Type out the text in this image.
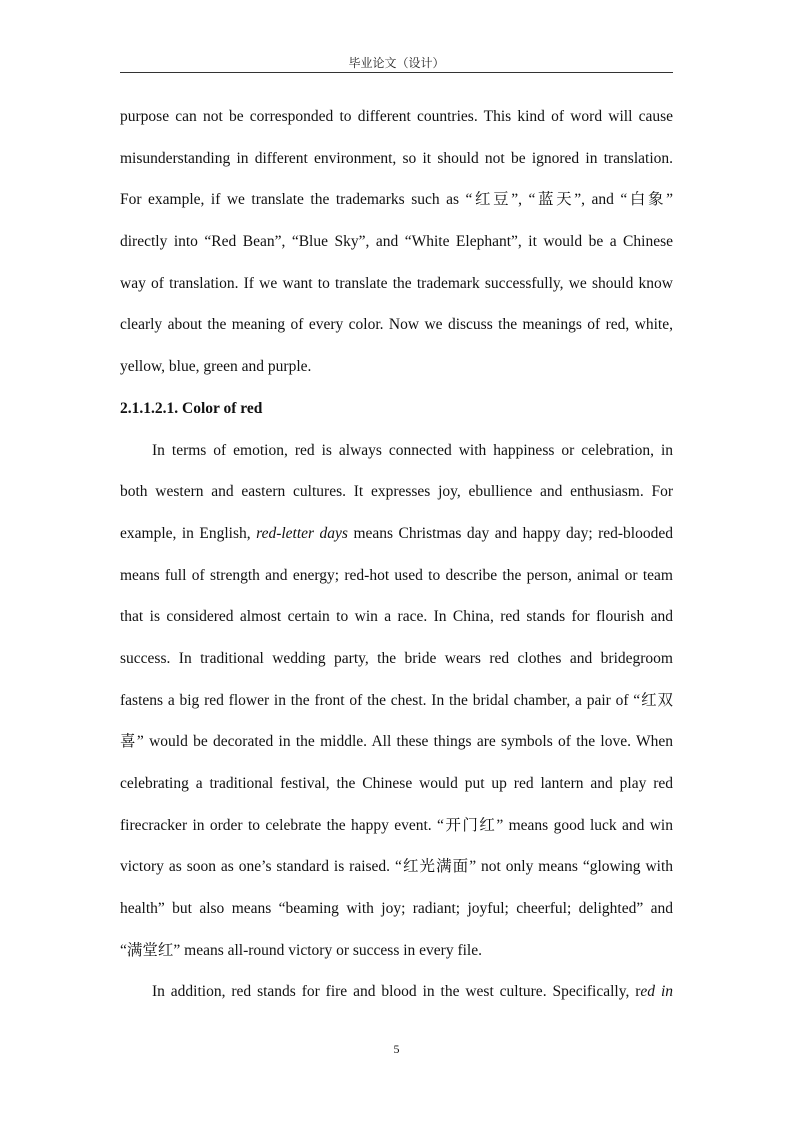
毕业论文（设计）
purpose can not be corresponded to different countries. This kind of word will cause
misunderstanding in different environment, so it should not be ignored in translation.
For example, if we translate the trademarks such as “红豆”, “蓝天”, and “白象”
directly into “Red Bean”, “Blue Sky”, and “White Elephant”, it would be a Chinese
way of translation. If we want to translate the trademark successfully, we should know
clearly about the meaning of every color. Now we discuss the meanings of red, white,
yellow, blue, green and purple.
2.1.1.2.1. Color of red
In terms of emotion, red is always connected with happiness or celebration, in
both western and eastern cultures. It expresses joy, ebullience and enthusiasm. For
example, in English, red-letter days means Christmas day and happy day; red-blooded
means full of strength and energy; red-hot used to describe the person, animal or team
that is considered almost certain to win a race. In China, red stands for flourish and
success. In traditional wedding party, the bride wears red clothes and bridegroom
fastens a big red flower in the front of the chest. In the bridal chamber, a pair of “红双
喜” would be decorated in the middle. All these things are symbols of the love. When
celebrating a traditional festival, the Chinese would put up red lantern and play red
firecracker in order to celebrate the happy event. “开门红” means good luck and win
victory as soon as one’s standard is raised. “红光满面” not only means “glowing with
health” but also means “beaming with joy; radiant; joyful; cheerful; delighted” and
“满堂红” means all-round victory or success in every file.
In addition, red stands for fire and blood in the west culture. Specifically, red in
5
